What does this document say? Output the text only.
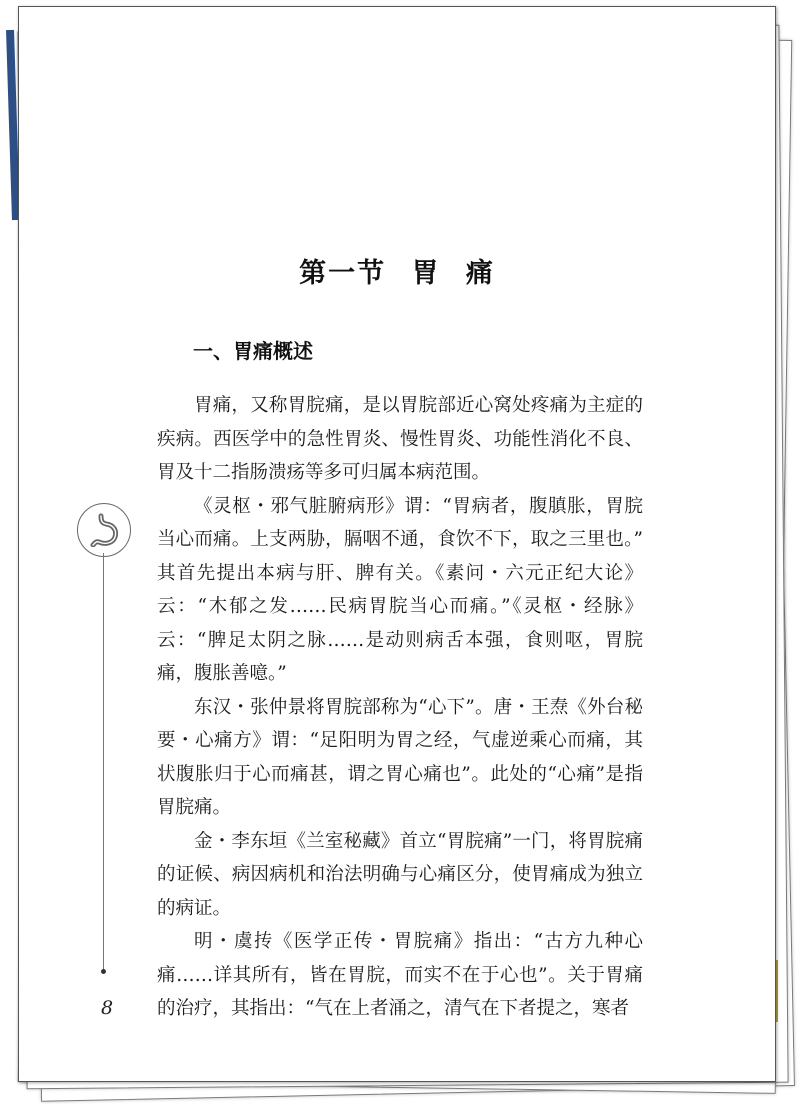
第一节 胃 痛
一、胃痛概述

胃痛，又称胃脘痛，是以胃脘部近心窝处疼痛为主症的疾病。西医学中的急性胃炎、慢性胃炎、功能性消化不良、胃及十二指肠溃疡等多可归属本病范围。

《灵枢・邪气脏腑病形》谓：“胃病者，腹䐜胀，胃脘当心而痛。上支两胁，膈咽不通，食饮不下，取之三里也。” 其首先提出本病与肝、脾有关。《素问・六元正纪大论》云：“木郁之发……民病胃脘当心而痛。”《灵枢・经脉》云：“脾足太阴之脉……是动则病舌本强，食则呕，胃脘痛，腹胀善噫。”

东汉・张仲景将胃脘部称为“心下”。唐・王焘《外台秘要・心痛方》谓：“足阳明为胃之经，气虚逆乘心而痛，其状腹胀归于心而痛甚，谓之胃心痛也”。此处的“心痛”是指胃脘痛。

金・李东垣《兰室秘藏》首立“胃脘痛”一门，将胃脘痛的证候、病因病机和治法明确与心痛区分，使胃痛成为独立的病证。

明・虞抟《医学正传・胃脘痛》指出：“古方九种心痛……详其所有，皆在胃脘，而实不在于心也”。关于胃痛的治疗，其指出：“气在上者涌之，清气在下者提之，寒者

8
